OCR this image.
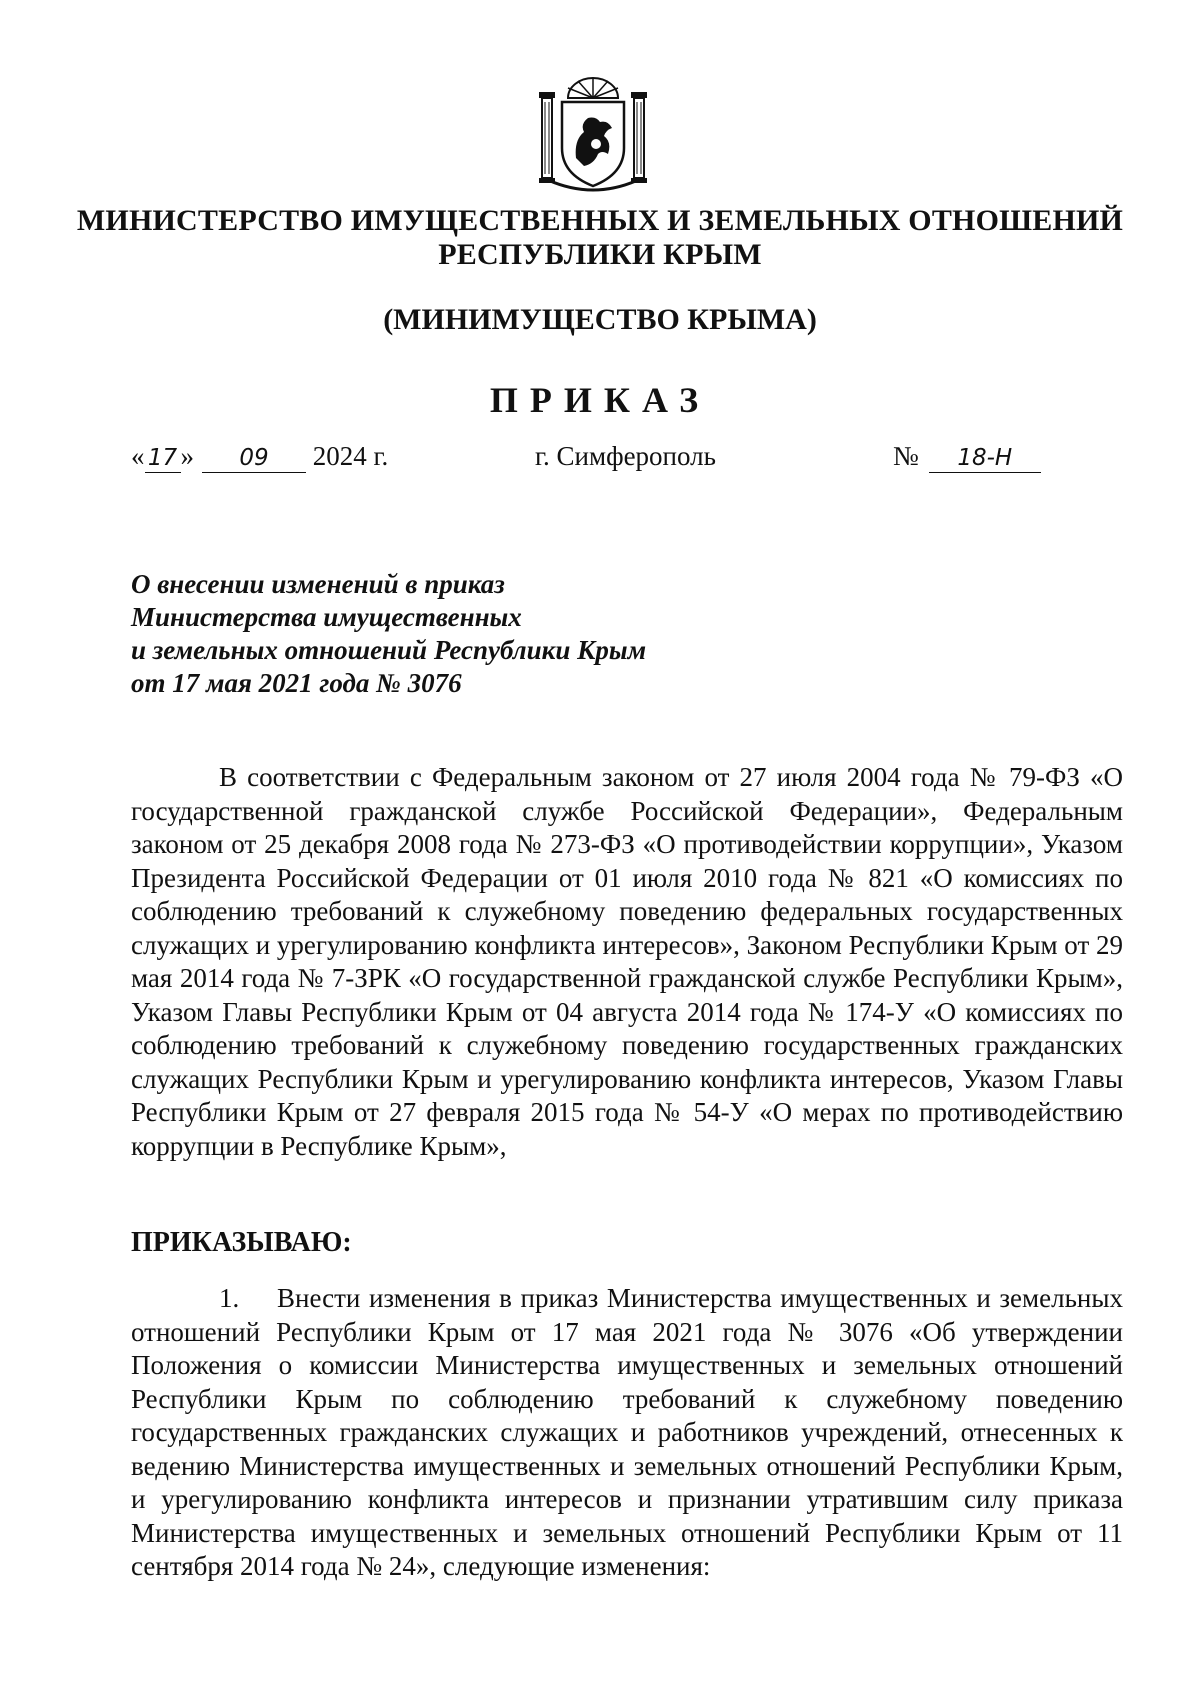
МИНИСТЕРСТВО ИМУЩЕСТВЕННЫХ И ЗЕМЕЛЬНЫХ ОТНОШЕНИЙ
РЕСПУБЛИКИ КРЫМ
(МИНИМУЩЕСТВО КРЫМА)
ПРИКАЗ
« 17 » 09 2024 г.	г. Симферополь	№ 18-Н
О внесении изменений в приказ
Министерства имущественных
и земельных отношений Республики Крым
от 17 мая 2021 года № 3076

В соответствии с Федеральным законом от 27 июля 2004 года № 79-ФЗ «О государственной гражданской службе Российской Федерации», Федеральным законом от 25 декабря 2008 года № 273-ФЗ «О противодействии коррупции», Указом Президента Российской Федерации от 01 июля 2010 года № 821 «О комиссиях по соблюдению требований к служебному поведению федеральных государственных служащих и урегулированию конфликта интересов», Законом Республики Крым от 29 мая 2014 года № 7-ЗРК «О государственной гражданской службе Республики Крым», Указом Главы Республики Крым от 04 августа 2014 года № 174-У «О комиссиях по соблюдению требований к служебному поведению государственных гражданских служащих Республики Крым и урегулированию конфликта интересов, Указом Главы Республики Крым от 27 февраля 2015 года № 54-У «О мерах по противодействию коррупции в Республике Крым»,

ПРИКАЗЫВАЮ:

1. Внести изменения в приказ Министерства имущественных и земельных отношений Республики Крым от 17 мая 2021 года № 3076 «Об утверждении Положения о комиссии Министерства имущественных и земельных отношений Республики Крым по соблюдению требований к служебному поведению государственных гражданских служащих и работников учреждений, отнесенных к ведению Министерства имущественных и земельных отношений Республики Крым, и урегулированию конфликта интересов и признании утратившим силу приказа Министерства имущественных и земельных отношений Республики Крым от 11 сентября 2014 года № 24», следующие изменения:
